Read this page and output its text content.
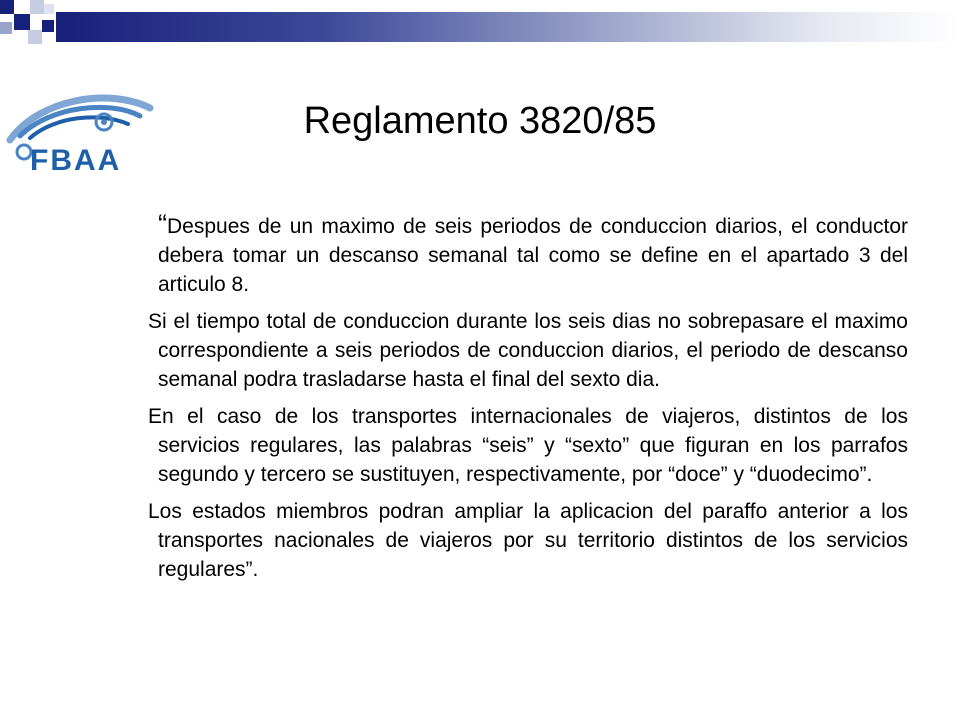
FBAA
Reglamento 3820/85

“Despues de un maximo de seis periodos de conduccion diarios, el conductor debera tomar un descanso semanal tal como se define en el apartado 3 del articulo 8.

Si el tiempo total de conduccion durante los seis dias no sobrepasare el maximo correspondiente a seis periodos de conduccion diarios, el periodo de descanso semanal podra trasladarse hasta el final del sexto dia.

En el caso de los transportes internacionales de viajeros, distintos de los servicios regulares, las palabras “seis” y “sexto” que figuran en los parrafos segundo y tercero se sustituyen, respectivamente, por “doce” y “duodecimo”.

Los estados miembros podran ampliar la aplicacion del paraffo anterior a los transportes nacionales de viajeros por su territorio distintos de los servicios regulares”.
